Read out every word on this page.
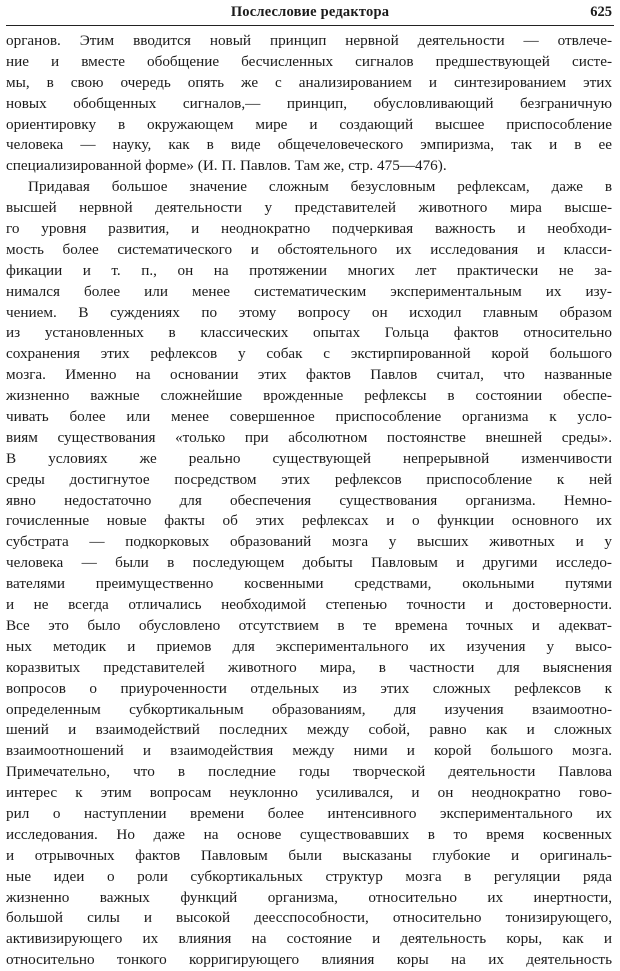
Послесловие редактора	625
органов. Этим вводится новый принцип нервной деятельности — отвлече-
ние и вместе обобщение бесчисленных сигналов предшествующей систе-
мы, в свою очередь опять же с анализированием и синтезированием этих
новых обобщенных сигналов,— принцип, обусловливающий безграничную
ориентировку в окружающем мире и создающий высшее приспособление
человека — науку, как в виде общечеловеческого эмпиризма, так и в ее
специализированной форме» (И. П. Павлов. Там же, стр. 475—476).
Придавая большое значение сложным безусловным рефлексам, даже в
высшей нервной деятельности у представителей животного мира высше-
го уровня развития, и неоднократно подчеркивая важность и необходи-
мость более систематического и обстоятельного их исследования и класси-
фикации и т. п., он на протяжении многих лет практически не за-
нимался более или менее систематическим экспериментальным их изу-
чением. В суждениях по этому вопросу он исходил главным образом
из установленных в классических опытах Гольца фактов относительно
сохранения этих рефлексов у собак с экстирпированной корой большого
мозга. Именно на основании этих фактов Павлов считал, что названные
жизненно важные сложнейшие врожденные рефлексы в состоянии обеспе-
чивать более или менее совершенное приспособление организма к усло-
виям существования «только при абсолютном постоянстве внешней среды».
В условиях же реально существующей непрерывной изменчивости
среды достигнутое посредством этих рефлексов приспособление к ней
явно недостаточно для обеспечения существования организма. Немно-
гочисленные новые факты об этих рефлексах и о функции основного их
субстрата — подкорковых образований мозга у высших животных и у
человека — были в последующем добыты Павловым и другими исследо-
вателями преимущественно косвенными средствами, окольными путями
и не всегда отличались необходимой степенью точности и достоверности.
Все это было обусловлено отсутствием в те времена точных и адекват-
ных методик и приемов для экспериментального их изучения у высо-
коразвитых представителей животного мира, в частности для выяснения
вопросов о приуроченности отдельных из этих сложных рефлексов к
определенным субкортикальным образованиям, для изучения взаимоотно-
шений и взаимодействий последних между собой, равно как и сложных
взаимоотношений и взаимодействия между ними и корой большого мозга.
Примечательно, что в последние годы творческой деятельности Павлова
интерес к этим вопросам неуклонно усиливался, и он неоднократно гово-
рил о наступлении времени более интенсивного экспериментального их
исследования. Но даже на основе существовавших в то время косвенных
и отрывочных фактов Павловым были высказаны глубокие и оригиналь-
ные идеи о роли субкортикальных структур мозга в регуляции ряда
жизненно важных функций организма, относительно их инертности,
большой силы и высокой деесспособности, относительно тонизирующего,
активизирующего их влияния на состояние и деятельность коры, как и
относительно тонкого корригирующего влияния коры на их деятельность
